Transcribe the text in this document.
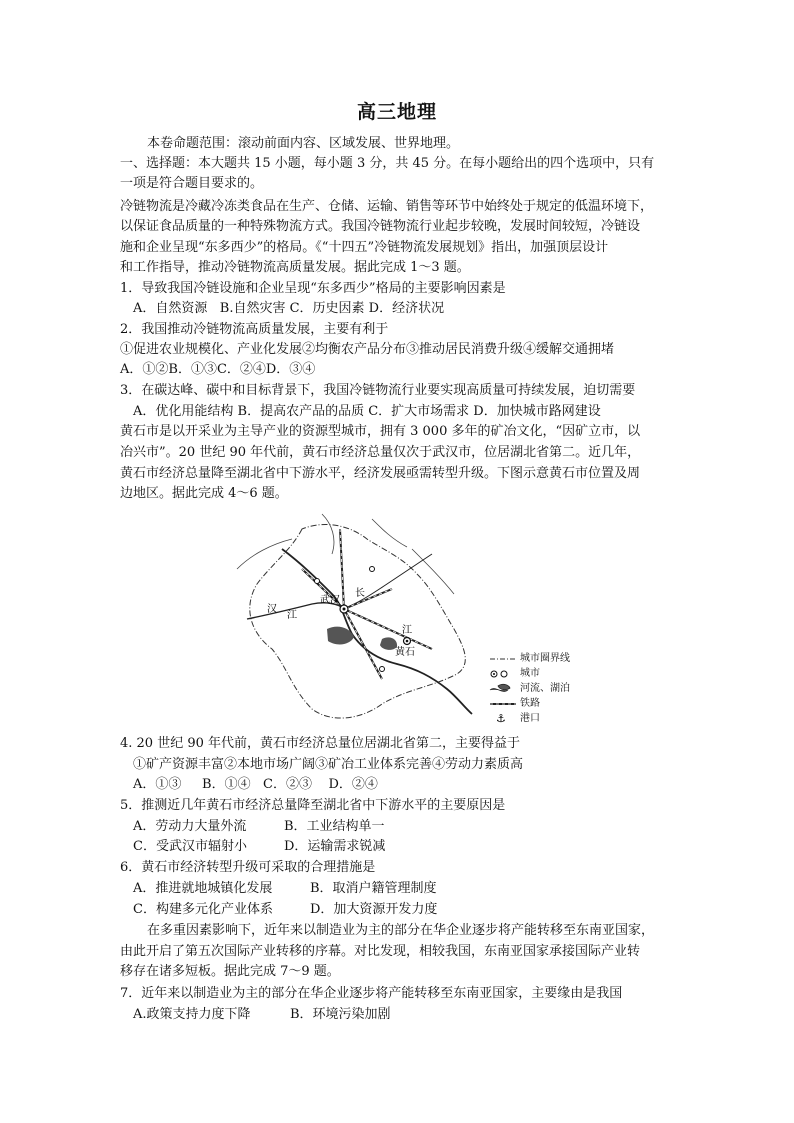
高三地理
本卷命题范围：滚动前面内容、区域发展、世界地理。
一、选择题：本大题共 15 小题，每小题 3 分，共 45 分。在每小题给出的四个选项中，只有
一项是符合题目要求的。
冷链物流是冷藏冷冻类食品在生产、仓储、运输、销售等环节中始终处于规定的低温环境下，
以保证食品质量的一种特殊物流方式。我国冷链物流行业起步较晚，发展时间较短，冷链设
施和企业呈现“东多西少”的格局。《“十四五”冷链物流发展规划》指出，加强顶层设计
和工作指导，推动冷链物流高质量发展。据此完成 1～3 题。
1．导致我国冷链设施和企业呈现“东多西少”格局的主要影响因素是
A．自然资源   B.自然灾害 C．历史因素 D．经济状况
2．我国推动冷链物流高质量发展，主要有利于
①促进农业规模化、产业化发展②均衡农产品分布③推动居民消费升级④缓解交通拥堵
A．①②B．①③C．②④D．③④
3．在碳达峰、碳中和目标背景下，我国冷链物流行业要实现高质量可持续发展，迫切需要
A．优化用能结构 B．提高农产品的品质 C．扩大市场需求 D．加快城市路网建设
黄石市是以开采业为主导产业的资源型城市，拥有 3 000 多年的矿冶文化，“因矿立市，以
冶兴市”。20 世纪 90 年代前，黄石市经济总量仅次于武汉市，位居湖北省第二。近几年，
黄石市经济总量降至湖北省中下游水平，经济发展亟需转型升级。下图示意黄石市位置及周
边地区。据此完成 4～6 题。
武汉
汉
江
长
江
黄石
⚓
城市圈界线
城市
河流、湖泊
铁路
港口
4. 20 世纪 90 年代前，黄石市经济总量位居湖北省第二，主要得益于
①矿产资源丰富②本地市场广阔③矿冶工业体系完善④劳动力素质高
A．①③     B．①④   C．②③    D．②④
5．推测近几年黄石市经济总量降至湖北省中下游水平的主要原因是
A．劳动力大量外流	B．工业结构单一
C．受武汉市辐射小	D．运输需求锐减
6．黄石市经济转型升级可采取的合理措施是
A．推进就地城镇化发展	B．取消户籍管理制度
C．构建多元化产业体系	D．加大资源开发力度
在多重因素影响下，近年来以制造业为主的部分在华企业逐步将产能转移至东南亚国家，
由此开启了第五次国际产业转移的序幕。对比发现，相较我国，东南亚国家承接国际产业转
移存在诸多短板。据此完成 7～9 题。
7．近年来以制造业为主的部分在华企业逐步将产能转移至东南亚国家，主要缘由是我国
A.政策支持力度下降	B．环境污染加剧
